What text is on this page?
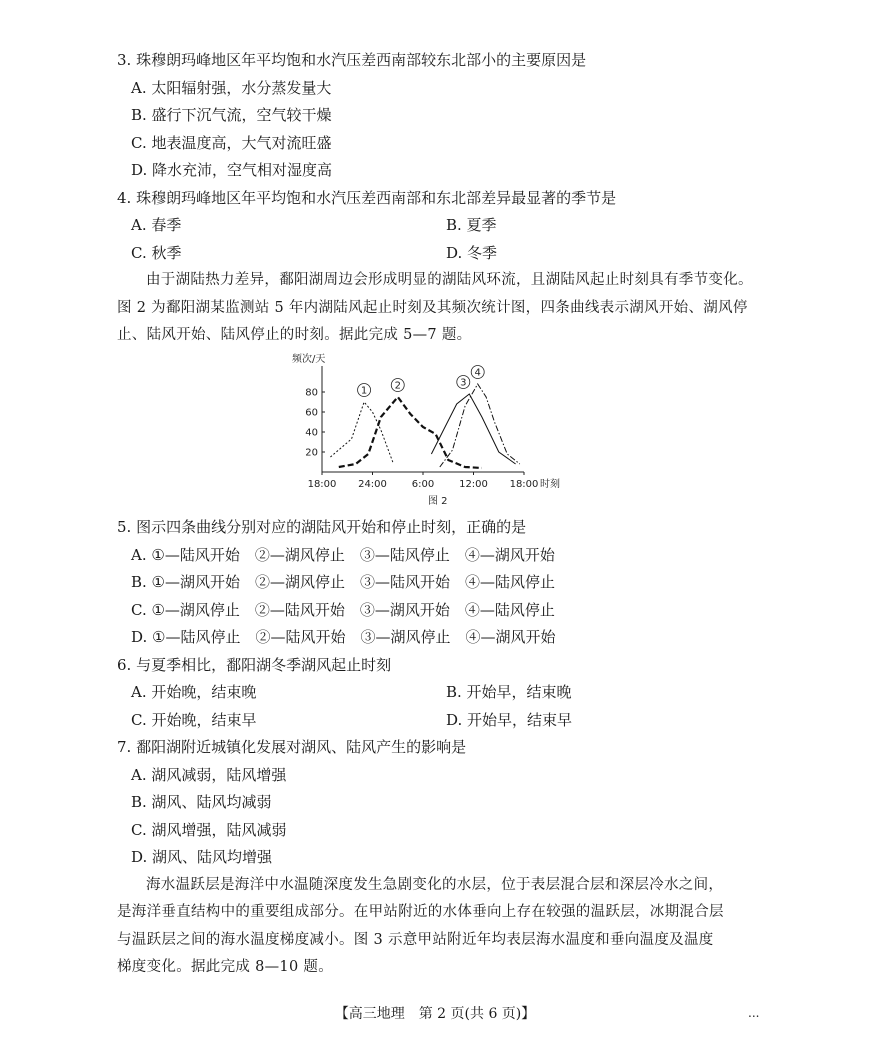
3. 珠穆朗玛峰地区年平均饱和水汽压差西南部较东北部小的主要原因是
A. 太阳辐射强，水分蒸发量大
B. 盛行下沉气流，空气较干燥
C. 地表温度高，大气对流旺盛
D. 降水充沛，空气相对湿度高
4. 珠穆朗玛峰地区年平均饱和水汽压差西南部和东北部差异最显著的季节是
A. 春季	B. 夏季
C. 秋季	D. 冬季
由于湖陆热力差异，鄱阳湖周边会形成明显的湖陆风环流，且湖陆风起止时刻具有季节变化。
图 2 为鄱阳湖某监测站 5 年内湖陆风起止时刻及其频次统计图，四条曲线表示湖风开始、湖风停
止、陆风开始、陆风停止的时刻。据此完成 5—7 题。
频次/天
18:00 24:00 6:00 12:00 18:00 时刻
20
40
60
80	1	2	3
4
图 2
5. 图示四条曲线分别对应的湖陆风开始和停止时刻，正确的是
A. ①—陆风开始　②—湖风停止　③—陆风停止　④—湖风开始
B. ①—湖风开始　②—湖风停止　③—陆风开始　④—陆风停止
C. ①—湖风停止　②—陆风开始　③—湖风开始　④—陆风停止
D. ①—陆风停止　②—陆风开始　③—湖风停止　④—湖风开始
6. 与夏季相比，鄱阳湖冬季湖风起止时刻
A. 开始晚，结束晚	B. 开始早，结束晚
C. 开始晚，结束早	D. 开始早，结束早
7. 鄱阳湖附近城镇化发展对湖风、陆风产生的影响是
A. 湖风减弱，陆风增强
B. 湖风、陆风均减弱
C. 湖风增强，陆风减弱
D. 湖风、陆风均增强
海水温跃层是海洋中水温随深度发生急剧变化的水层，位于表层混合层和深层冷水之间，
是海洋垂直结构中的重要组成部分。在甲站附近的水体垂向上存在较强的温跃层，冰期混合层
与温跃层之间的海水温度梯度减小。图 3 示意甲站附近年均表层海水温度和垂向温度及温度
梯度变化。据此完成 8—10 题。
【高三地理　第 2 页(共 6 页)】	...
